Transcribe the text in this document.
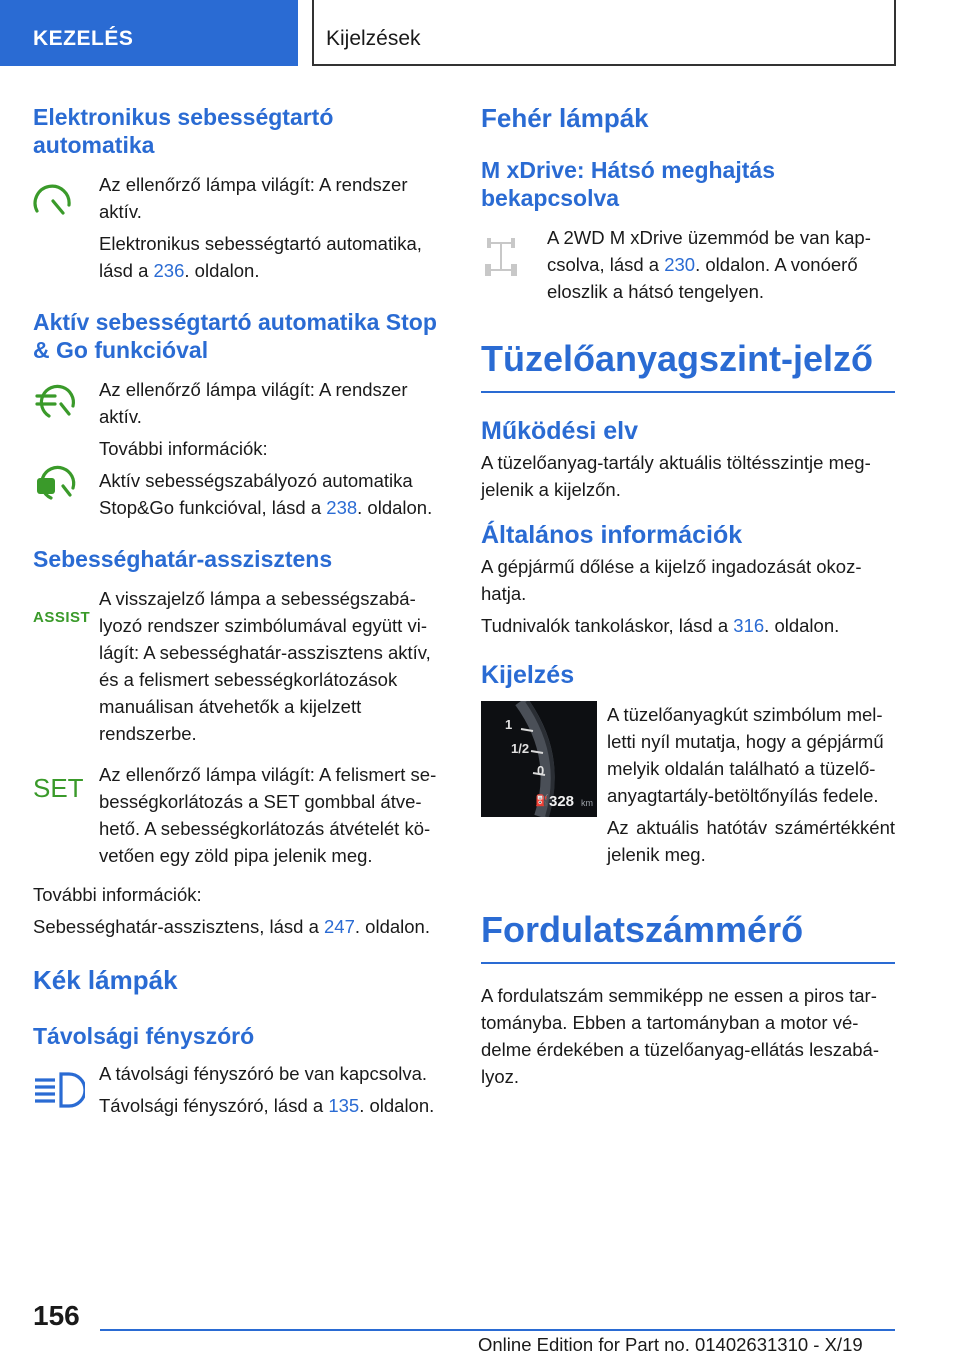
KEZELÉS	Kijelzések
Elektronikus sebességtartó automatika

Az ellenőrző lámpa világít: A rendszer aktív.

Elektronikus sebességtartó automatika, lásd a 236. oldalon.

Aktív sebességtartó automatika Stop & Go funkcióval

Az ellenőrző lámpa világít: A rendszer aktív.

További információk:

Aktív sebességszabályozó automatika Stop&Go funkcióval, lásd a 238. oldalon.

Sebességhatár-asszisztens
ASSIST

A visszajelző lámpa a sebességszabályozó rendszer szimbólumával együtt világít: A sebességhatár-asszisztens aktív, és a felismert sebességkorlátozások manuálisan átvehetők a kijelzett rendszerbe.

SET Az ellenőrző lámpa világít: A felismert sebességkorlátozás a SET gombbal átvehető. A sebességkorlátozás átvételét követően egy zöld pipa jelenik meg.

További információk:

Sebességhatár-asszisztens, lásd a 247. oldalon.

Kék lámpák
Távolsági fényszóró

A távolsági fényszóró be van kapcsolva.

Távolsági fényszóró, lásd a 135. oldalon.

Fehér lámpák
M xDrive: Hátsó meghajtás bekapcsolva

A 2WD M xDrive üzemmód be van kapcsolva, lásd a 230. oldalon. A vonóerő eloszlik a hátsó tengelyen.

Tüzelőanyagszint-jelző
Működési elv

A tüzelőanyag-tartály aktuális töltésszintje megjelenik a kijelzőn.

Általános információk

A gépjármű dőlése a kijelző ingadozását okozhatja.

Tudnivalók tankoláskor, lásd a 316. oldalon.

Kijelzés
1
1/2
0
⛽ 328 km

A tüzelőanyagkút szimbólum melletti nyíl mutatja, hogy a gépjármű melyik oldalán található a tüzelőanyagtartály-betöltőnyílás fedele.

Az aktuális hatótáv számértékként jelenik meg.

Fordulatszámmérő

A fordulatszám semmiképp ne essen a piros tartományba. Ebben a tartományban a motor védelme érdekében a tüzelőanyag-ellátás leszabályoz.

156
Online Edition for Part no. 01402631310 - X/19
